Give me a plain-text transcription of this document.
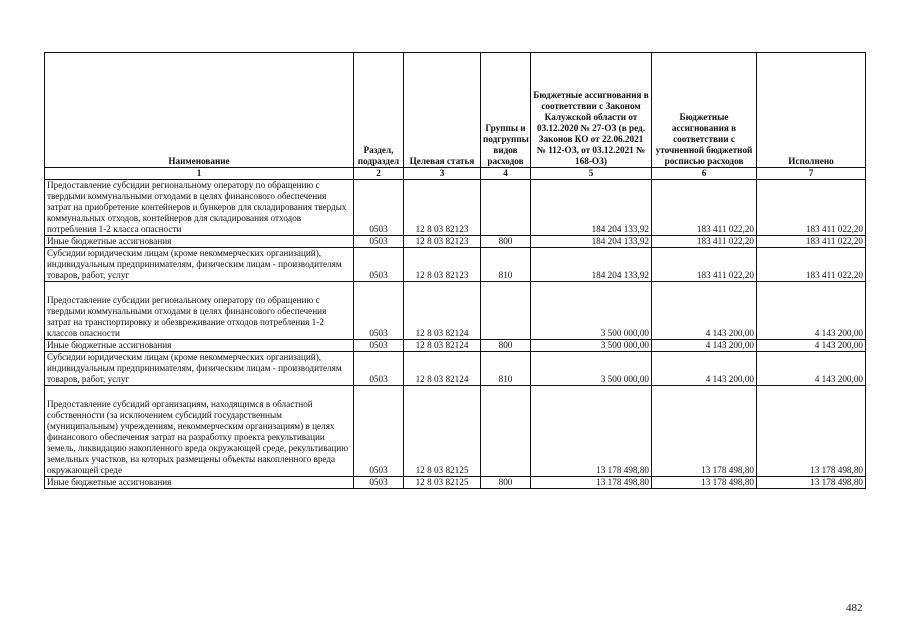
Наименование	Раздел, подраздел	Целевая статья	Группы и подгруппы видов расходов	Бюджетные ассигнования в соответствии с Законом Калужской области от 03.12.2020 № 27-ОЗ (в ред. Законов КО от 22.06.2021 № 112-ОЗ, от 03.12.2021 № 168-ОЗ)	Бюджетные ассигнования в соответствии с уточненной бюджетной росписью расходов	Исполнено
1	2	3	4	5	6	7
Предоставление субсидии региональному оператору по обращению с твердыми коммунальными отходами в целях финансового обеспечения затрат на приобретение контейнеров и бункеров для складирования твердых коммунальных отходов, контейнеров для складирования отходов потребления 1-2 класса опасности	0503	12 8 03 82123		184 204 133,92	183 411 022,20	183 411 022,20
Иные бюджетные ассигнования	0503	12 8 03 82123	800	184 204 133,92	183 411 022,20	183 411 022,20
Субсидии юридическим лицам (кроме некоммерческих организаций), индивидуальным предпринимателям, физическим лицам - производителям товаров, работ, услуг	0503	12 8 03 82123	810	184 204 133,92	183 411 022,20	183 411 022,20
Предоставление субсидии региональному оператору по обращению с твердыми коммунальными отходами в целях финансового обеспечения затрат на транспортировку и обезвреживание отходов потребления 1-2 классов опасности	0503	12 8 03 82124		3 500 000,00	4 143 200,00	4 143 200,00
Иные бюджетные ассигнования	0503	12 8 03 82124	800	3 500 000,00	4 143 200,00	4 143 200,00
Субсидии юридическим лицам (кроме некоммерческих организаций), индивидуальным предпринимателям, физическим лицам - производителям товаров, работ, услуг	0503	12 8 03 82124	810	3 500 000,00	4 143 200,00	4 143 200,00
Предоставление субсидий организациям, находящимся в областной собственности (за исключением субсидий государственным (муниципальным) учреждениям, некоммерческим организациям) в целях финансового обеспечения затрат на разработку проекта рекультивации земель, ликвидацию накопленного вреда окружающей среде, рекультивацию земельных участков, на которых размещены объекты накопленного вреда окружающей среде	0503	12 8 03 82125		13 178 498,80	13 178 498,80	13 178 498,80
Иные бюджетные ассигнования	0503	12 8 03 82125	800	13 178 498,80	13 178 498,80	13 178 498,80
482
